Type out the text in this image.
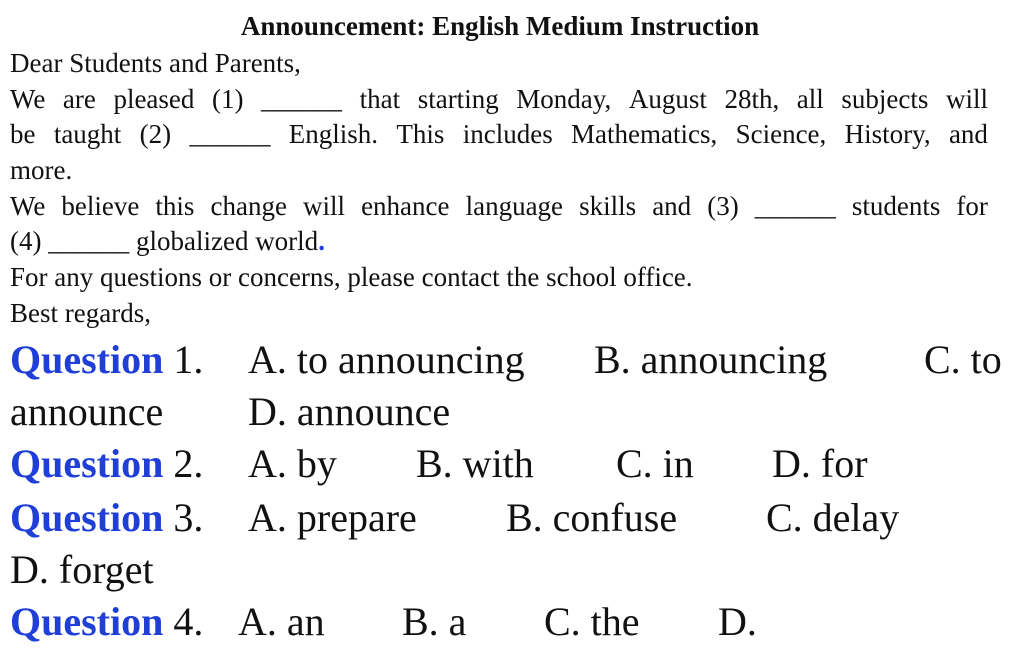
Announcement: English Medium Instruction
Dear Students and Parents,
We are pleased (1) ______ that starting Monday, August 28th, all subjects will
be taught (2) ______ English. This includes Mathematics, Science, History, and
more.
We believe this change will enhance language skills and (3) ______ students for
(4) ______ globalized world.
For any questions or concerns, please contact the school office.
Best regards,
Question 1. A. to announcing B. announcing C. to
announce D. announce
Question 2. A. by B. with C. in D. for
Question 3. A. prepare B. confuse C. delay
D. forget
Question 4. A. an B. a C. the D.
